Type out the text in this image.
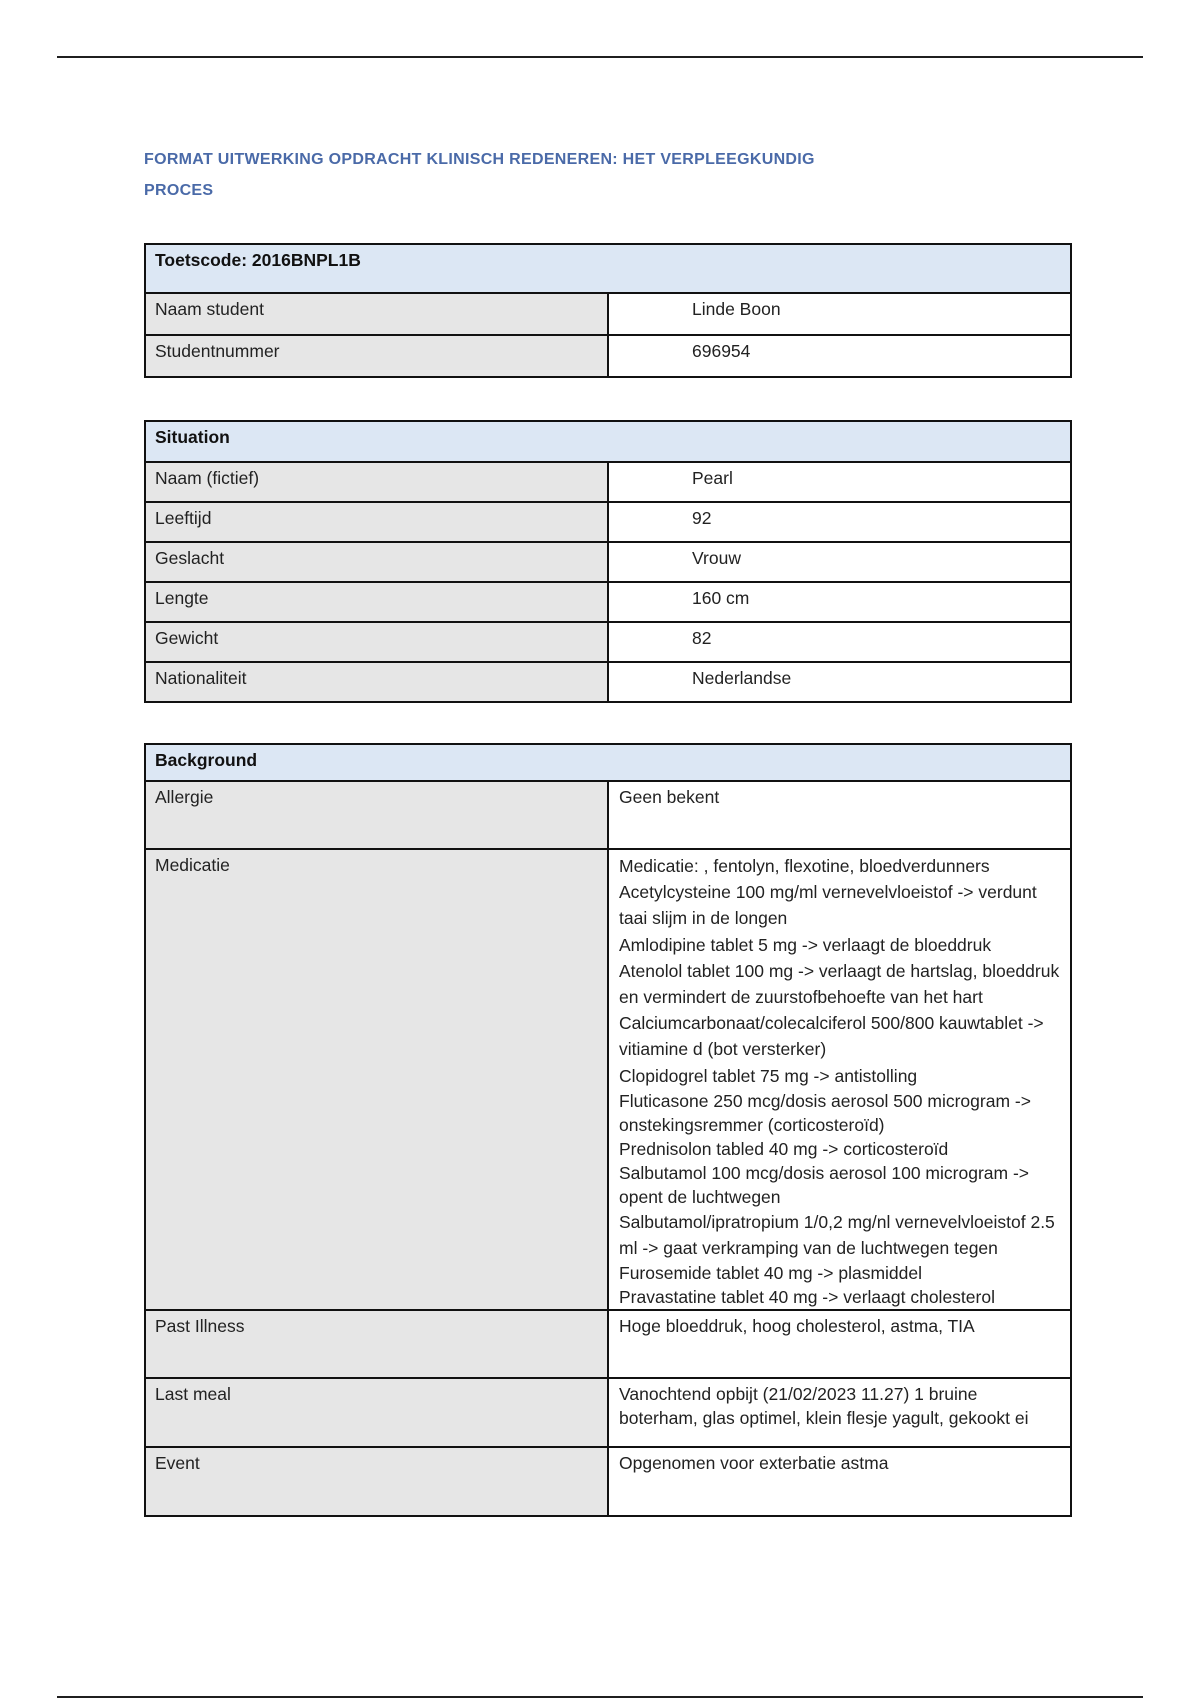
FORMAT UITWERKING OPDRACHT KLINISCH REDENEREN: HET VERPLEEGKUNDIG
PROCES
Toetscode: 2016BNPL1B	
Naam student	Linde Boon
Studentnummer	696954
Situation	
Naam (fictief)	Pearl
Leeftijd	92
Geslacht	Vrouw
Lengte	160 cm
Gewicht	82
Nationaliteit	Nederlandse
Background	
Allergie	Geen bekent
Medicatie	Medicatie: , fentolyn, flexotine, bloedverdunners
Acetylcysteine 100 mg/ml vernevelvloeistof -> verdunt taai slijm in de longen
Amlodipine tablet 5 mg -> verlaagt de bloeddruk
Atenolol tablet 100 mg -> verlaagt de hartslag, bloeddruk en vermindert de zuurstofbehoefte van het hart
Calciumcarbonaat/colecalciferol 500/800 kauwtablet -> vitiamine d (bot versterker)
Clopidogrel tablet 75 mg -> antistolling
Fluticasone 250 mcg/dosis aerosol 500 microgram -> onstekingsremmer (corticosteroïd)
Prednisolon tabled 40 mg -> corticosteroïd
Salbutamol 100 mcg/dosis aerosol 100 microgram -> opent de luchtwegen
Salbutamol/ipratropium 1/0,2 mg/nl vernevelvloeistof 2.5 ml -> gaat verkramping van de luchtwegen tegen
Furosemide tablet 40 mg -> plasmiddel
Pravastatine tablet 40 mg -> verlaagt cholesterol

Past Illness	Hoge bloeddruk, hoog cholesterol, astma, TIA
Last meal	Vanochtend opbijt (21/02/2023 11.27) 1 bruine boterham, glas optimel, klein flesje yagult, gekookt ei
Event	Opgenomen voor exterbatie astma
